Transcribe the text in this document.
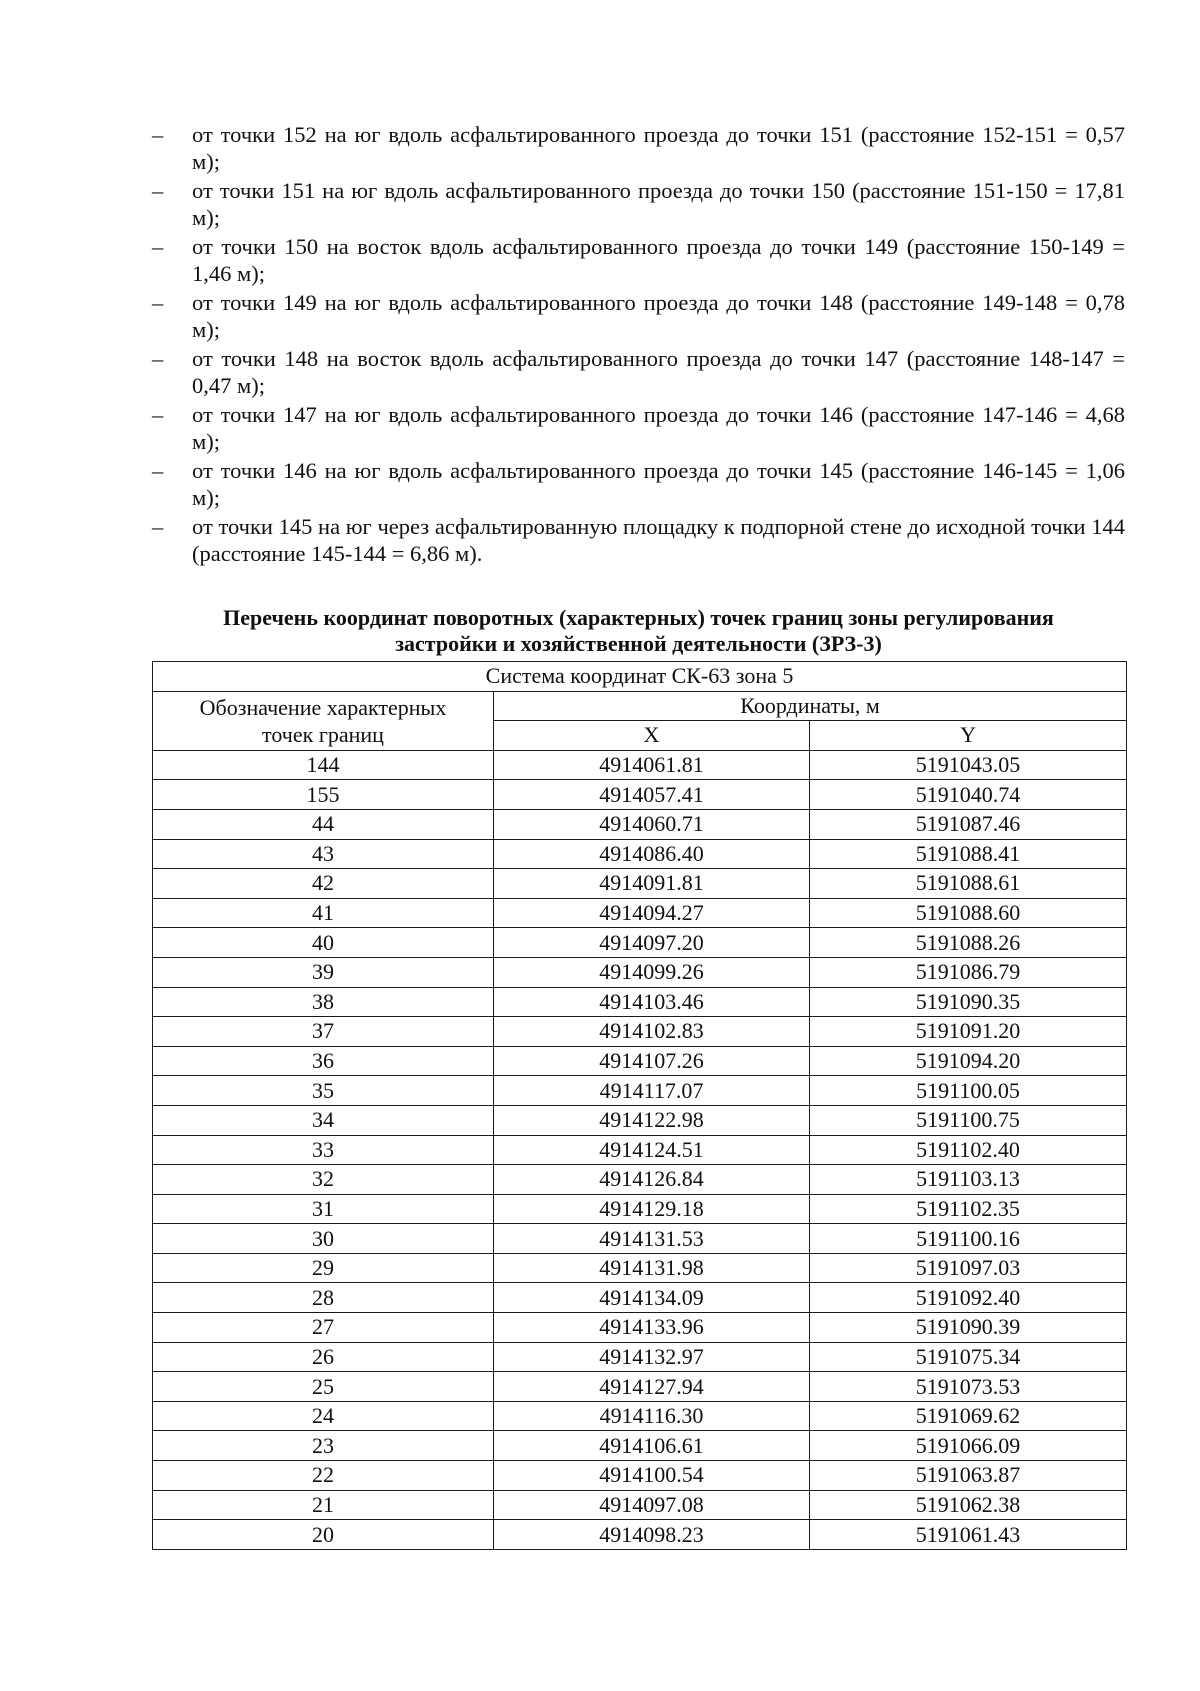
– от точки 152 на юг вдоль асфальтированного проезда до точки 151 (расстояние 152-151 = 0,57 м);
– от точки 151 на юг вдоль асфальтированного проезда до точки 150 (расстояние 151-150 = 17,81 м);
– от точки 150 на восток вдоль асфальтированного проезда до точки 149 (расстояние 150-149 = 1,46 м);
– от точки 149 на юг вдоль асфальтированного проезда до точки 148 (расстояние 149-148 = 0,78 м);
– от точки 148 на восток вдоль асфальтированного проезда до точки 147 (расстояние 148-147 = 0,47 м);
– от точки 147 на юг вдоль асфальтированного проезда до точки 146 (расстояние 147-146 = 4,68 м);
– от точки 146 на юг вдоль асфальтированного проезда до точки 145 (расстояние 146-145 = 1,06 м);
– от точки 145 на юг через асфальтированную площадку к подпорной стене до исходной точки 144 (расстояние 145-144 = 6,86 м).
Перечень координат поворотных (характерных) точек границ зоны регулирования
застройки и хозяйственной деятельности (ЗРЗ-3)
Система координат СК-63 зона 5		

Обозначение характерных
точек границ	Координаты, м	
	X	Y
144	4914061.81	5191043.05
155	4914057.41	5191040.74
44	4914060.71	5191087.46
43	4914086.40	5191088.41
42	4914091.81	5191088.61
41	4914094.27	5191088.60
40	4914097.20	5191088.26
39	4914099.26	5191086.79
38	4914103.46	5191090.35
37	4914102.83	5191091.20
36	4914107.26	5191094.20
35	4914117.07	5191100.05
34	4914122.98	5191100.75
33	4914124.51	5191102.40
32	4914126.84	5191103.13
31	4914129.18	5191102.35
30	4914131.53	5191100.16
29	4914131.98	5191097.03
28	4914134.09	5191092.40
27	4914133.96	5191090.39
26	4914132.97	5191075.34
25	4914127.94	5191073.53
24	4914116.30	5191069.62
23	4914106.61	5191066.09
22	4914100.54	5191063.87
21	4914097.08	5191062.38
20	4914098.23	5191061.43
